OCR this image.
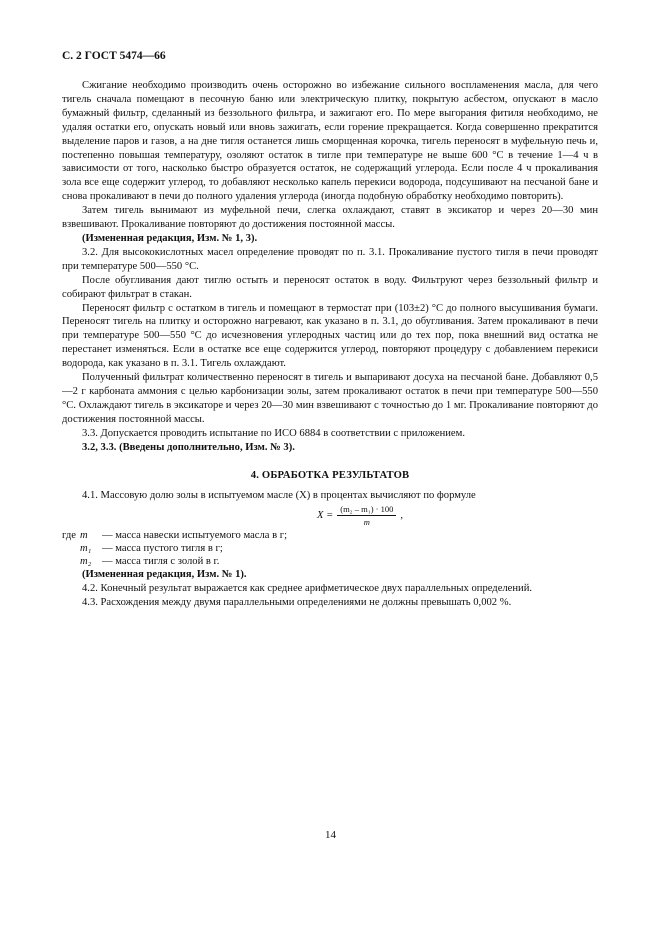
С. 2 ГОСТ 5474—66

Сжигание необходимо производить очень осторожно во избежание сильного воспламенения масла, для чего тигель сначала помещают в песочную баню или электрическую плитку, покрытую асбестом, опускают в масло бумажный фильтр, сделанный из беззольного фильтра, и зажигают его. По мере выгорания фитиля необходимо, не удаляя остатки его, опускать новый или вновь зажигать, если горение прекращается. Когда совершенно прекратится выделение паров и газов, а на дне тигля останется лишь сморщенная корочка, тигель переносят в муфельную печь и, постепенно повышая температуру, озоляют остаток в тигле при температуре не выше 600 °С в течение 1—4 ч в зависимости от того, насколько быстро образуется остаток, не содержащий углерода. Если после 4 ч прокаливания зола все еще содержит углерод, то добавляют несколько капель перекиси водорода, подсушивают на песчаной бане и снова прокаливают в печи до полного удаления углерода (иногда подобную обработку необходимо повторить).

Затем тигель вынимают из муфельной печи, слегка охлаждают, ставят в эксикатор и через 20—30 мин взвешивают. Прокаливание повторяют до достижения постоянной массы.

(Измененная редакция, Изм. № 1, 3).

3.2. Для высококислотных масел определение проводят по п. 3.1. Прокаливание пустого тигля в печи проводят при температуре 500—550 °С.

После обугливания дают тиглю остыть и переносят остаток в воду. Фильтруют через беззольный фильтр и собирают фильтрат в стакан.

Переносят фильтр с остатком в тигель и помещают в термостат при (103±2) °С до полного высушивания бумаги. Переносят тигель на плитку и осторожно нагревают, как указано в п. 3.1, до обугливания. Затем прокаливают в печи при температуре 500—550 °С до исчезновения углеродных частиц или до тех пор, пока внешний вид остатка не перестанет изменяться. Если в остатке все еще содержится углерод, повторяют процедуру с добавлением перекиси водорода, как указано в п. 3.1. Тигель охлаждают.

Полученный фильтрат количественно переносят в тигель и выпаривают досуха на песчаной бане. Добавляют 0,5—2 г карбоната аммония с целью карбонизации золы, затем прокаливают остаток в печи при температуре 500—550 °С. Охлаждают тигель в эксикаторе и через 20—30 мин взвешивают с точностью до 1 мг. Прокаливание повторяют до достижения постоянной массы.

3.3. Допускается проводить испытание по ИСО 6884 в соответствии с приложением.

3.2, 3.3. (Введены дополнительно, Изм. № 3).

4. ОБРАБОТКА РЕЗУЛЬТАТОВ

4.1. Массовую долю золы в испытуемом масле (X) в процентах вычисляют по формуле

$X = \frac{\text{(m₂ – m₁) · 100}}{m}$ ,
где m	— масса навески испытуемого масла в г;
m₁	— масса пустого тигля в г;
m₂	— масса тигля с золой в г.

(Измененная редакция, Изм. № 1).

4.2. Конечный результат выражается как среднее арифметическое двух параллельных определений.

4.3. Расхождения между двумя параллельными определениями не должны превышать 0,002 %.

14
